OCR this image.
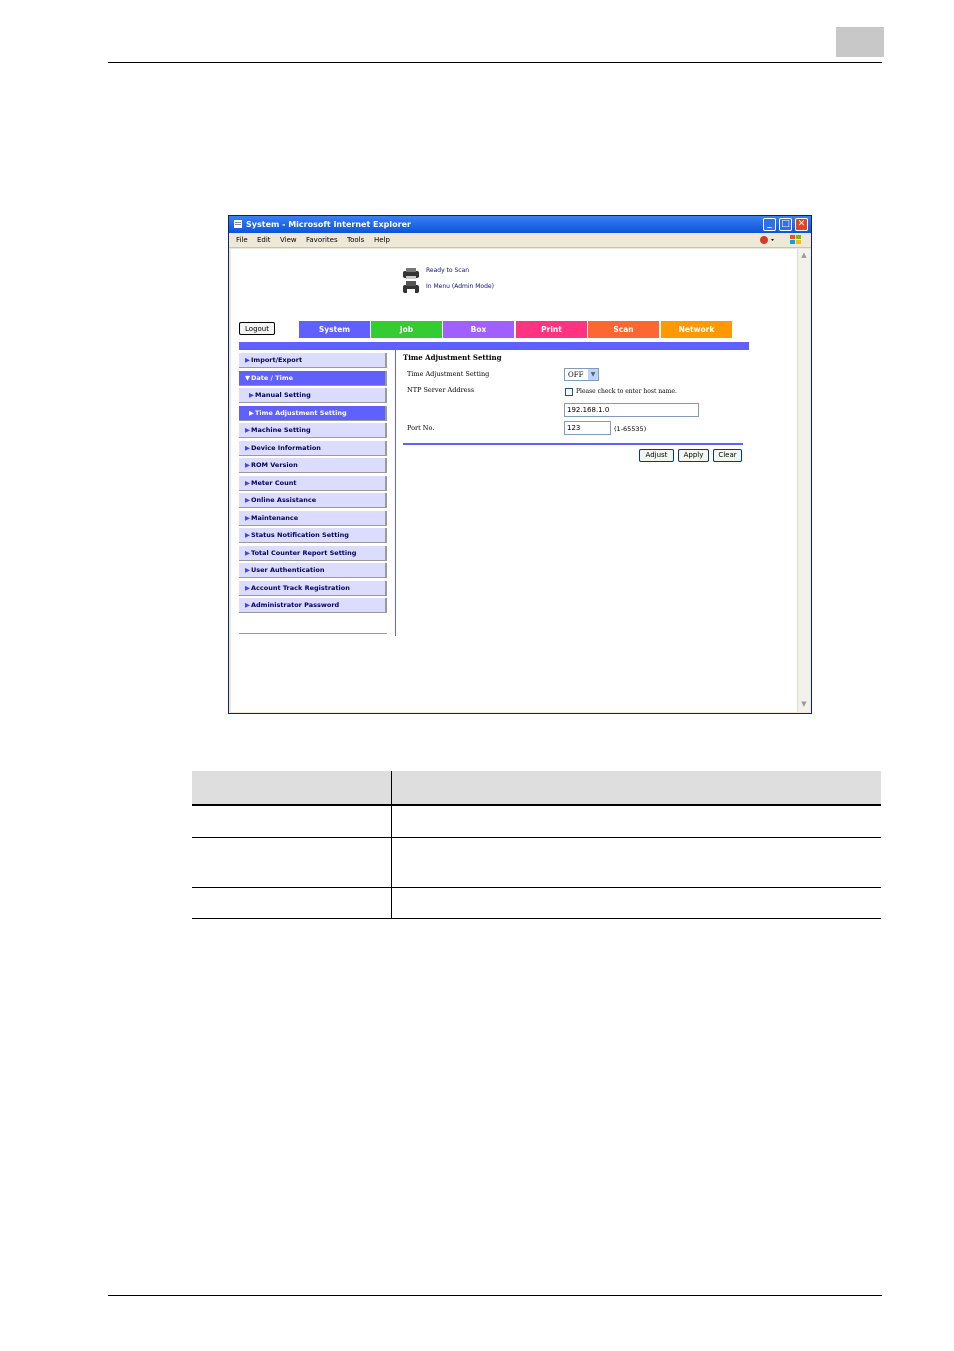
System - Microsoft Internet Explorer	_	□ ✕
File Edit View Favorites Tools Help
Ready to Scan
In Menu (Admin Mode)
Logout	System	Job	Box	Print	Scan	Network
▶Import/Export
▼Date / Time
▶Manual Setting
▶Time Adjustment Setting
▶Machine Setting
▶Device Information
▶ROM Version
▶Meter Count
▶Online Assistance
▶Maintenance
▶Status Notification Setting
▶Total Counter Report Setting
▶User Authentication
▶Account Track Registration
▶Administrator Password
Time Adjustment Setting
Time Adjustment Setting	OFF	▼
NTP Server Address	Please check to enter host name.
192.168.1.0
Port No.	123	(1-65535)
Adjust	Apply	Clear
▲
▼
